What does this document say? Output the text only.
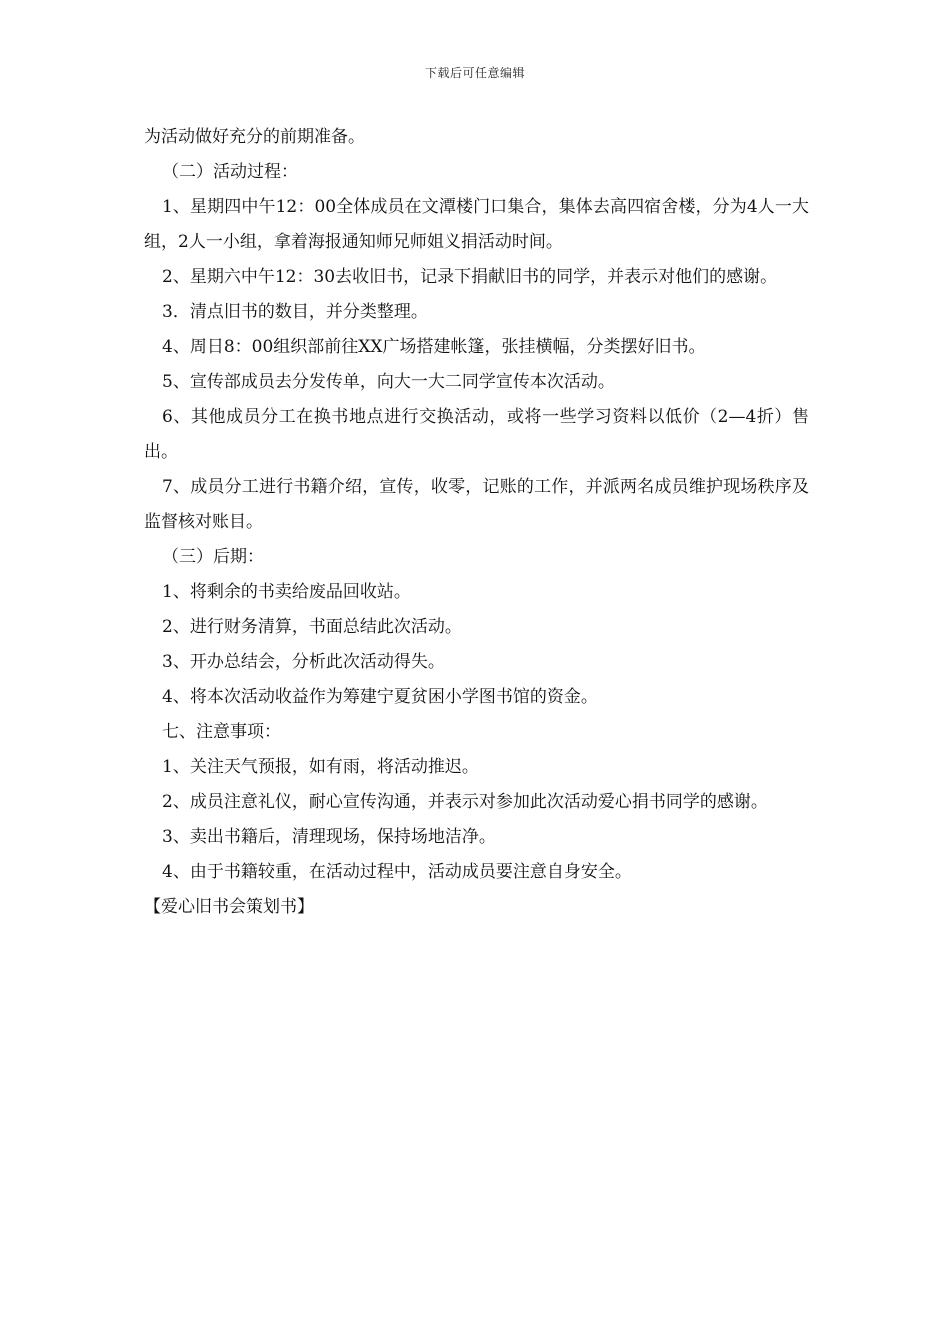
下载后可任意编辑

为活动做好充分的前期准备。

（二）活动过程：

1、星期四中午12：00全体成员在文潭楼门口集合，集体去高四宿舍楼，分为4人一大组，2人一小组，拿着海报通知师兄师姐义捐活动时间。

2、星期六中午12：30去收旧书，记录下捐献旧书的同学，并表示对他们的感谢。

3．清点旧书的数目，并分类整理。

4、周日8：00组织部前往XX广场搭建帐篷，张挂横幅，分类摆好旧书。

5、宣传部成员去分发传单，向大一大二同学宣传本次活动。

6、其他成员分工在换书地点进行交换活动，或将一些学习资料以低价（2—4折）售出。

7、成员分工进行书籍介绍，宣传，收零，记账的工作，并派两名成员维护现场秩序及监督核对账目。

（三）后期：

1、将剩余的书卖给废品回收站。

2、进行财务清算，书面总结此次活动。

3、开办总结会，分析此次活动得失。

4、将本次活动收益作为筹建宁夏贫困小学图书馆的资金。

七、注意事项：

1、关注天气预报，如有雨，将活动推迟。

2、成员注意礼仪，耐心宣传沟通，并表示对参加此次活动爱心捐书同学的感谢。

3、卖出书籍后，清理现场，保持场地洁净。

4、由于书籍较重，在活动过程中，活动成员要注意自身安全。

【爱心旧书会策划书】
